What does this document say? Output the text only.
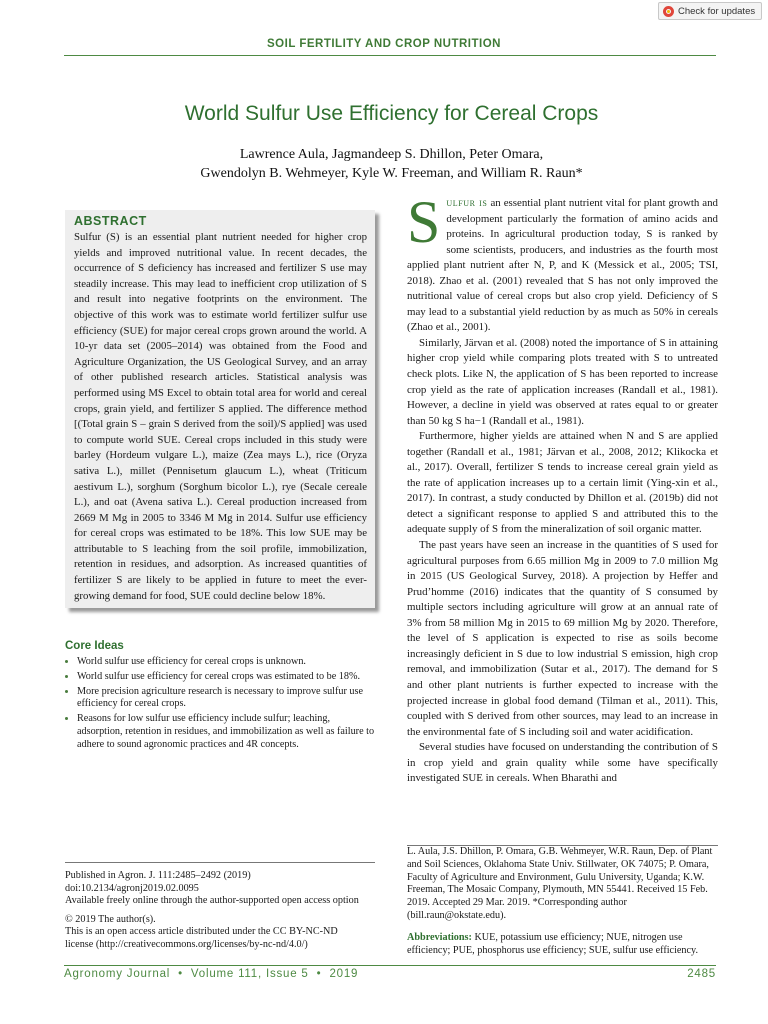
Check for updates
SOIL FERTILITY AND CROP NUTRITION
World Sulfur Use Efficiency for Cereal Crops
Lawrence Aula, Jagmandeep S. Dhillon, Peter Omara,
Gwendolyn B. Wehmeyer, Kyle W. Freeman, and William R. Raun*
ABSTRACT

Sulfur (S) is an essential plant nutrient needed for higher crop yields and improved nutritional value. In recent decades, the occurrence of S deficiency has increased and fertilizer S use may steadily increase. This may lead to inefficient crop utilization of S and result into negative footprints on the environment. The objective of this work was to estimate world fertilizer sulfur use efficiency (SUE) for major cereal crops grown around the world. A 10-yr data set (2005–2014) was obtained from the Food and Agriculture Organization, the US Geological Survey, and an array of other published research articles. Statistical analysis was performed using MS Excel to obtain total area for world and cereal crops, grain yield, and fertilizer S applied. The difference method [(Total grain S – grain S derived from the soil)/S applied] was used to compute world SUE. Cereal crops included in this study were barley (Hordeum vulgare L.), maize (Zea mays L.), rice (Oryza sativa L.), millet (Pennisetum glaucum L.), wheat (Triticum aestivum L.), sorghum (Sorghum bicolor L.), rye (Secale cereale L.), and oat (Avena sativa L.). Cereal production increased from 2669 M Mg in 2005 to 3346 M Mg in 2014. Sulfur use efficiency for cereal crops was estimated to be 18%. This low SUE may be attributable to S leaching from the soil profile, immobilization, retention in residues, and adsorption. As increased quantities of fertilizer S are likely to be applied in future to meet the ever-growing demand for food, SUE could decline below 18%.

Core Ideas
• World sulfur use efficiency for cereal crops is unknown.
• World sulfur use efficiency for cereal crops was estimated to be 18%.
• More precision agriculture research is necessary to improve sulfur use efficiency for cereal crops.
• Reasons for low sulfur use efficiency include sulfur; leaching, adsorption, retention in residues, and immobilization as well as failure to adhere to sound agronomic practices and 4R concepts.
Published in Agron. J. 111:2485–2492 (2019)
doi:10.2134/agronj2019.02.0095
Available freely online through the author-supported open access option
© 2019 The author(s).
This is an open access article distributed under the CC BY-NC-ND
license (http://creativecommons.org/licenses/by-nc-nd/4.0/)

Sulfur is an essential plant nutrient vital for plant growth and development particularly the formation of amino acids and proteins. In agricultural production today, S is ranked by some scientists, producers, and industries as the fourth most applied plant nutrient after N, P, and K (Messick et al., 2005; TSI, 2018). Zhao et al. (2001) revealed that S has not only improved the nutritional value of cereal crops but also crop yield. Deficiency of S may lead to a substantial yield reduction by as much as 50% in cereals (Zhao et al., 2001).

Similarly, Järvan et al. (2008) noted the importance of S in attaining higher crop yield while comparing plots treated with S to untreated check plots. Like N, the application of S has been reported to increase crop yield as the rate of application increases (Randall et al., 1981). However, a decline in yield was observed at rates equal to or greater than 50 kg S ha−1 (Randall et al., 1981).

Furthermore, higher yields are attained when N and S are applied together (Randall et al., 1981; Järvan et al., 2008, 2012; Klikocka et al., 2017). Overall, fertilizer S tends to increase cereal grain yield as the rate of application increases up to a certain limit (Ying-xin et al., 2017). In contrast, a study conducted by Dhillon et al. (2019b) did not detect a significant response to applied S and attributed this to the adequate supply of S from the mineralization of soil organic matter.

The past years have seen an increase in the quantities of S used for agricultural purposes from 6.65 million Mg in 2009 to 7.0 million Mg in 2015 (US Geological Survey, 2018). A projection by Heffer and Prud’homme (2016) indicates that the quantity of S consumed by multiple sectors including agriculture will grow at an annual rate of 3% from 58 million Mg in 2015 to 69 million Mg by 2020. Therefore, the level of S application is expected to rise as soils become increasingly deficient in S due to low industrial S emission, high crop removal, and immobilization (Sutar et al., 2017). The demand for S and other plant nutrients is further expected to increase with the projected increase in global food demand (Tilman et al., 2011). This, coupled with S derived from other sources, may lead to an increase in the environmental fate of S including soil and water acidification.

Several studies have focused on understanding the contribution of S in crop yield and grain quality while some have specifically investigated SUE in cereals. When Bharathi and

L. Aula, J.S. Dhillon, P. Omara, G.B. Wehmeyer, W.R. Raun, Dep. of Plant and Soil Sciences, Oklahoma State Univ. Stillwater, OK 74075; P. Omara, Faculty of Agriculture and Environment, Gulu University, Uganda; K.W. Freeman, The Mosaic Company, Plymouth, MN 55441. Received 15 Feb. 2019. Accepted 29 Mar. 2019. *Corresponding author (bill.raun@okstate.edu).
Abbreviations: KUE, potassium use efficiency; NUE, nitrogen use efficiency; PUE, phosphorus use efficiency; SUE, sulfur use efficiency.
Agronomy Journal  •  Volume 111, Issue 5  •  2019	2485
